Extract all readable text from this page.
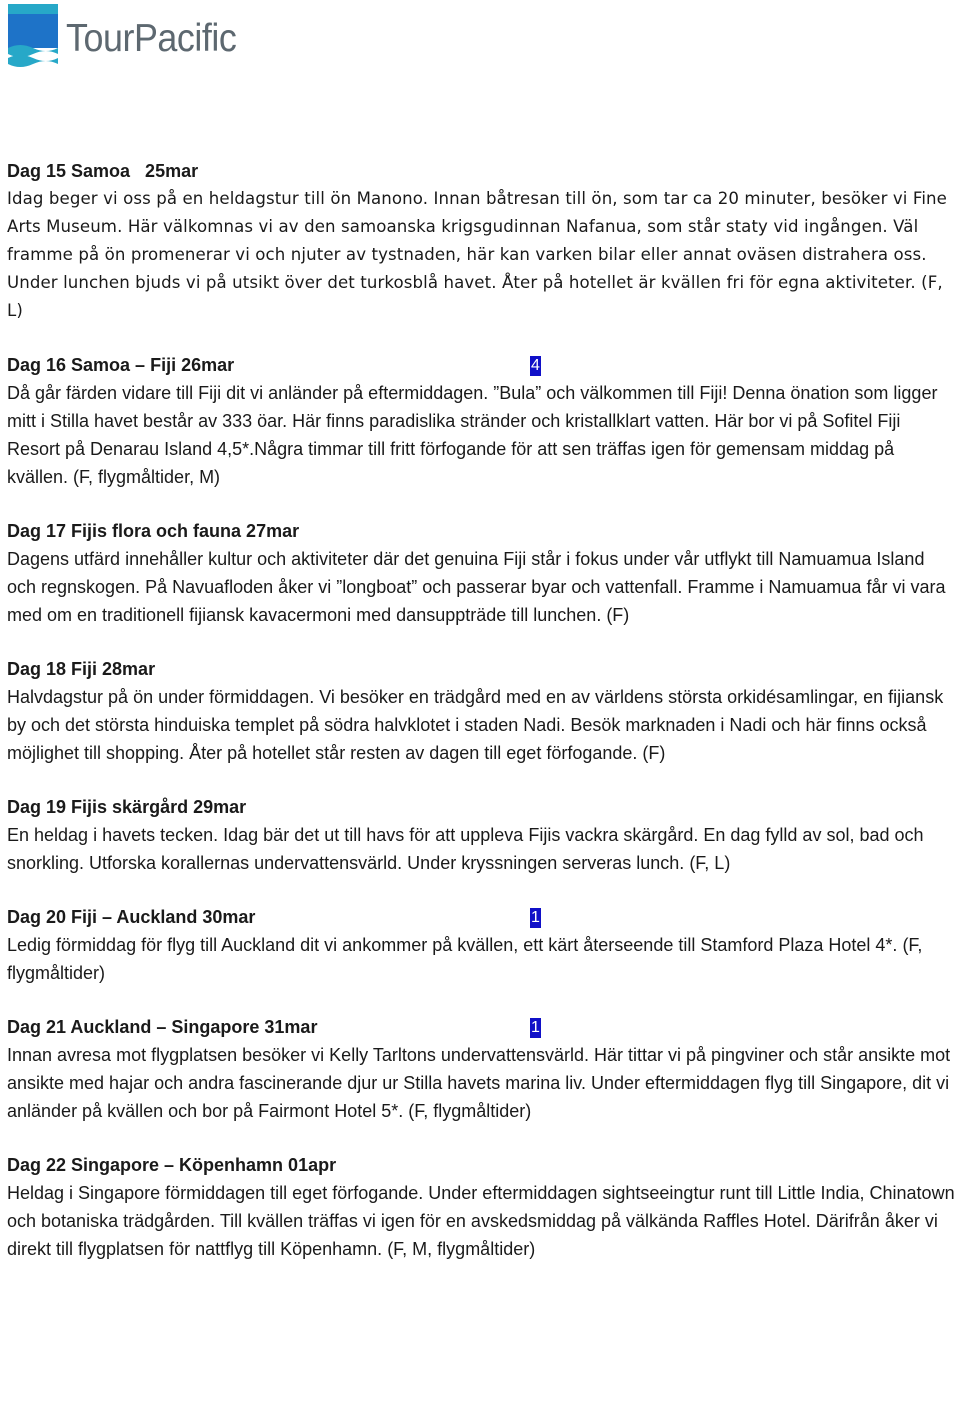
TourPacific
Dag 15 Samoa   25mar

Idag beger vi oss på en heldagstur till ön Manono. Innan båtresan till ön, som tar ca 20 minuter, besöker vi Fine Arts Museum. Här välkomnas vi av den samoanska krigsgudinnan Nafanua, som står staty vid ingången. Väl framme på ön promenerar vi och njuter av tystnaden, här kan varken bilar eller annat oväsen distrahera oss. Under lunchen bjuds vi på utsikt över det turkosblå havet. Åter på hotellet är kvällen fri för egna aktiviteter. (F, L)

Dag 16 Samoa – Fiji 26mar	4

Då går färden vidare till Fiji dit vi anländer på eftermiddagen. ”Bula” och välkommen till Fiji! Denna önation som ligger mitt i Stilla havet består av 333 öar. Här finns paradislika stränder och kristallklart vatten. Här bor vi på Sofitel Fiji Resort på Denarau Island 4,5*.Några timmar till fritt förfogande för att sen träffas igen för gemensam middag på kvällen. (F, flygmåltider, M)

Dag 17 Fijis flora och fauna 27mar

Dagens utfärd innehåller kultur och aktiviteter där det genuina Fiji står i fokus under vår utflykt till Namuamua Island och regnskogen. På Navuafloden åker vi ”longboat” och passerar byar och vattenfall. Framme i Namuamua får vi vara med om en traditionell fijiansk kavacermoni med dansuppträde till lunchen. (F)

Dag 18 Fiji 28mar

Halvdagstur på ön under förmiddagen. Vi besöker en trädgård med en av världens största orkidésamlingar, en fijiansk by och det största hinduiska templet på södra halvklotet i staden Nadi. Besök marknaden i Nadi och här finns också möjlighet till shopping. Åter på hotellet står resten av dagen till eget förfogande. (F)

Dag 19 Fijis skärgård 29mar

En heldag i havets tecken. Idag bär det ut till havs för att uppleva Fijis vackra skärgård. En dag fylld av sol, bad och snorkling. Utforska korallernas undervattensvärld. Under kryssningen serveras lunch. (F, L)

Dag 20 Fiji – Auckland 30mar	1

Ledig förmiddag för flyg till Auckland dit vi ankommer på kvällen, ett kärt återseende till Stamford Plaza Hotel 4*. (F, flygmåltider)

Dag 21 Auckland – Singapore 31mar	1

Innan avresa mot flygplatsen besöker vi Kelly Tarltons undervattensvärld. Här tittar vi på pingviner och står ansikte mot ansikte med hajar och andra fascinerande djur ur Stilla havets marina liv. Under eftermiddagen flyg till Singapore, dit vi anländer på kvällen och bor på Fairmont Hotel 5*. (F, flygmåltider)

Dag 22 Singapore – Köpenhamn 01apr

Heldag i Singapore förmiddagen till eget förfogande. Under eftermiddagen sightseeingtur runt till Little India, Chinatown och botaniska trädgården. Till kvällen träffas vi igen för en avskedsmiddag på välkända Raffles Hotel. Därifrån åker vi direkt till flygplatsen för nattflyg till Köpenhamn. (F, M, flygmåltider)
